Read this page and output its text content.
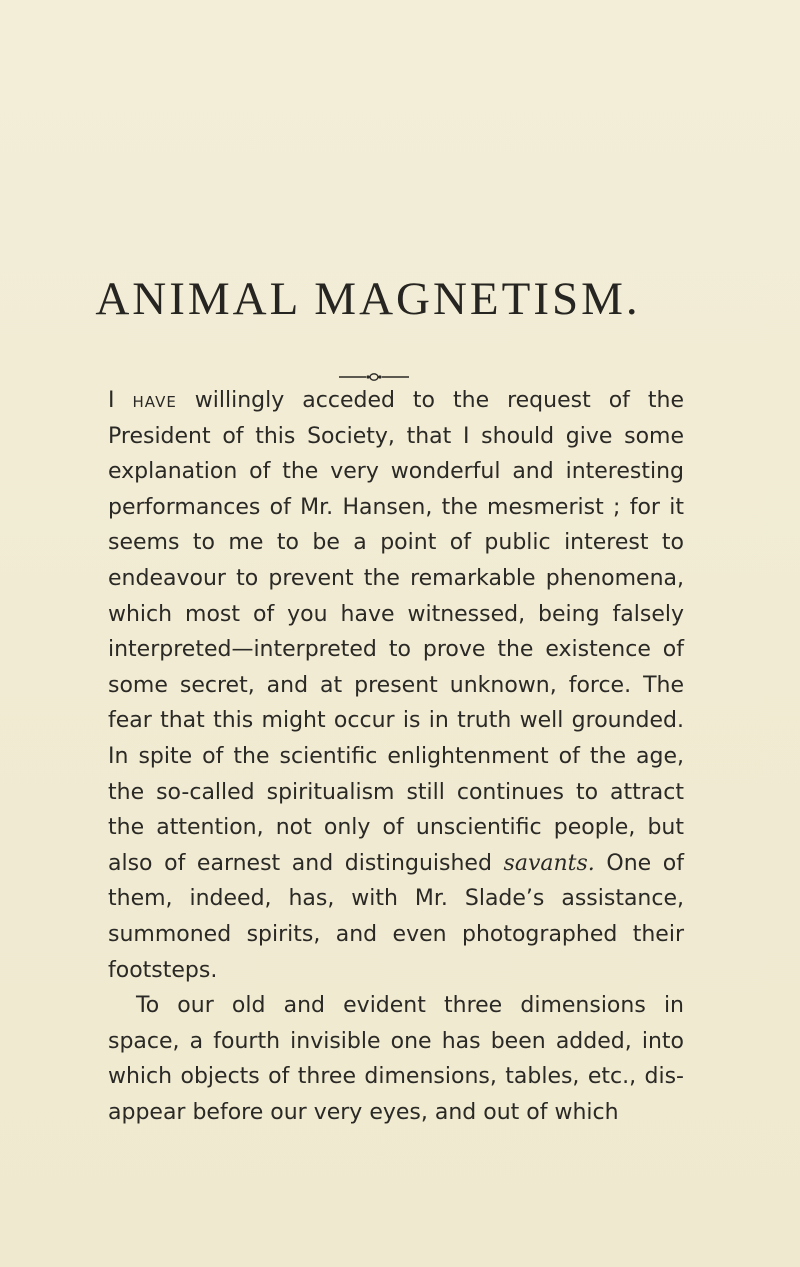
ANIMAL MAGNETISM.

I have willingly acceded to the request of the President of this Society, that I should give some explanation of the very wonderful and interesting performances of Mr. Hansen, the mesmerist ; for it seems to me to be a point of public interest to endeavour to prevent the remarkable phenomena, which most of you have witnessed, being falsely interpreted—interpreted to prove the existence of some secret, and at present unknown, force. The fear that this might occur is in truth well grounded. In spite of the scientific enlightenment of the age, the so-called spiritualism still continues to attract the attention, not only of unscientific people, but also of earnest and distinguished savants. One of them, indeed, has, with Mr. Slade’s assistance, summoned spirits, and even photographed their footsteps.

To our old and evident three dimensions in space, a fourth invisible one has been added, into which objects of three dimensions, tables, etc., dis-appear before our very eyes, and out of which
